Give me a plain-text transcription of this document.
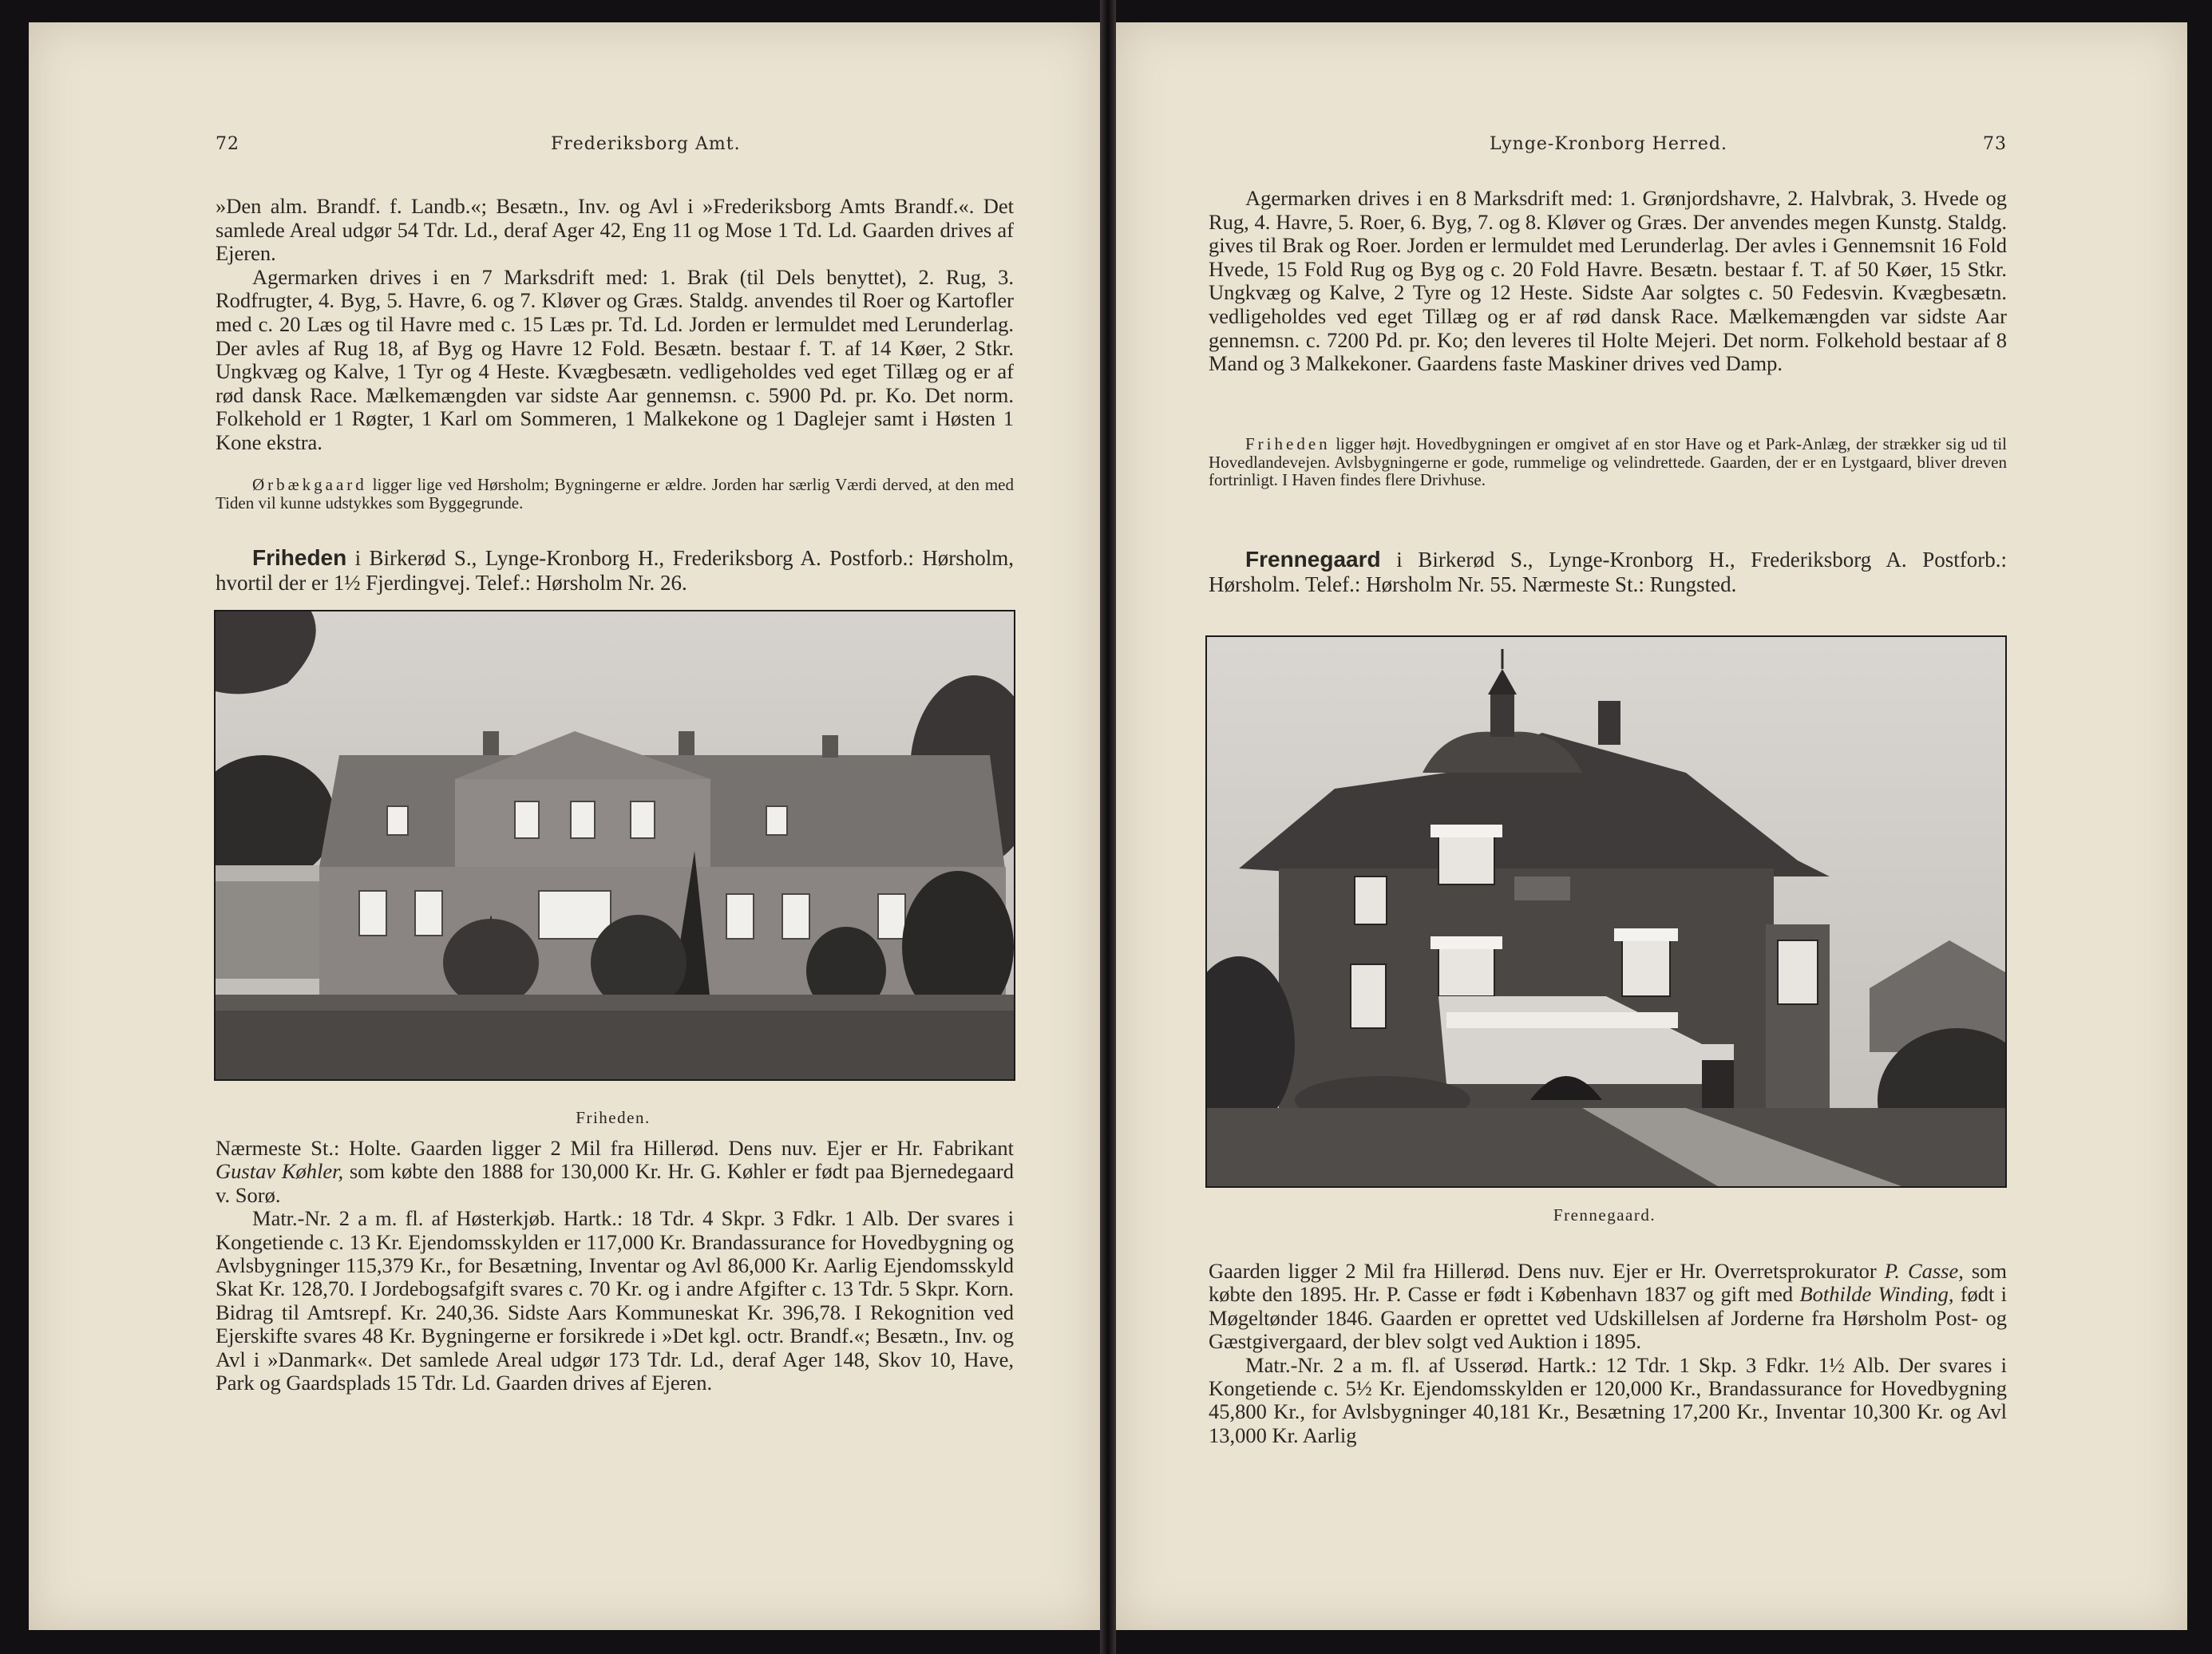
72	Frederiksborg Amt.

»Den alm. Brandf. f. Landb.«; Besætn., Inv. og Avl i »Frederiksborg Amts Brandf.«. Det samlede Areal udgør 54 Tdr. Ld., deraf Ager 42, Eng 11 og Mose 1 Td. Ld. Gaarden drives af Ejeren.

Agermarken drives i en 7 Marksdrift med: 1. Brak (til Dels benyttet), 2. Rug, 3. Rodfrugter, 4. Byg, 5. Havre, 6. og 7. Kløver og Græs. Staldg. anvendes til Roer og Kartofler med c. 20 Læs og til Havre med c. 15 Læs pr. Td. Ld. Jorden er lermuldet med Lerunderlag. Der avles af Rug 18, af Byg og Havre 12 Fold. Besætn. bestaar f. T. af 14 Køer, 2 Stkr. Ungkvæg og Kalve, 1 Tyr og 4 Heste. Kvægbesætn. vedligeholdes ved eget Tillæg og er af rød dansk Race. Mælkemængden var sidste Aar gennemsn. c. 5900 Pd. pr. Ko. Det norm. Folkehold er 1 Røgter, 1 Karl om Sommeren, 1 Malkekone og 1 Daglejer samt i Høsten 1 Kone ekstra.

Ørbækgaard ligger lige ved Hørsholm; Bygningerne er ældre. Jorden har særlig Værdi derved, at den med Tiden vil kunne udstykkes som Byggegrunde.

Friheden i Birkerød S., Lynge-Kronborg H., Frederiksborg A. Postforb.: Hørsholm, hvortil der er 1½ Fjerdingvej. Telef.: Hørsholm Nr. 26.

Friheden.

Nærmeste St.: Holte. Gaarden ligger 2 Mil fra Hillerød. Dens nuv. Ejer er Hr. Fabrikant Gustav Køhler, som købte den 1888 for 130,000 Kr. Hr. G. Køhler er født paa Bjernedegaard v. Sorø.

Matr.-Nr. 2 a m. fl. af Høsterkjøb. Hartk.: 18 Tdr. 4 Skpr. 3 Fdkr. 1 Alb. Der svares i Kongetiende c. 13 Kr. Ejendomsskylden er 117,000 Kr. Brandassurance for Hovedbygning og Avlsbygninger 115,379 Kr., for Besætning, Inventar og Avl 86,000 Kr. Aarlig Ejendomsskyld Skat Kr. 128,70. I Jordebogsafgift svares c. 70 Kr. og i andre Afgifter c. 13 Tdr. 5 Skpr. Korn. Bidrag til Amtsrepf. Kr. 240,36. Sidste Aars Kommuneskat Kr. 396,78. I Rekognition ved Ejerskifte svares 48 Kr. Bygningerne er forsikrede i »Det kgl. octr. Brandf.«; Besætn., Inv. og Avl i »Danmark«. Det samlede Areal udgør 173 Tdr. Ld., deraf Ager 148, Skov 10, Have, Park og Gaardsplads 15 Tdr. Ld. Gaarden drives af Ejeren.

Lynge-Kronborg Herred.	73

Agermarken drives i en 8 Marksdrift med: 1. Grønjordshavre, 2. Halvbrak, 3. Hvede og Rug, 4. Havre, 5. Roer, 6. Byg, 7. og 8. Kløver og Græs. Der anvendes megen Kunstg. Staldg. gives til Brak og Roer. Jorden er lermuldet med Lerunderlag. Der avles i Gennemsnit 16 Fold Hvede, 15 Fold Rug og Byg og c. 20 Fold Havre. Besætn. bestaar f. T. af 50 Køer, 15 Stkr. Ungkvæg og Kalve, 2 Tyre og 12 Heste. Sidste Aar solgtes c. 50 Fedesvin. Kvægbesætn. vedligeholdes ved eget Tillæg og er af rød dansk Race. Mælkemængden var sidste Aar gennemsn. c. 7200 Pd. pr. Ko; den leveres til Holte Mejeri. Det norm. Folkehold bestaar af 8 Mand og 3 Malkekoner. Gaardens faste Maskiner drives ved Damp.

Friheden ligger højt. Hovedbygningen er omgivet af en stor Have og et Park-Anlæg, der strækker sig ud til Hovedlandevejen. Avlsbygningerne er gode, rummelige og velindrettede. Gaarden, der er en Lystgaard, bliver dreven fortrinligt. I Haven findes flere Drivhuse.

Frennegaard i Birkerød S., Lynge-Kronborg H., Frederiksborg A. Postforb.: Hørsholm. Telef.: Hørsholm Nr. 55. Nærmeste St.: Rungsted.

Frennegaard.

Gaarden ligger 2 Mil fra Hillerød. Dens nuv. Ejer er Hr. Overretsprokurator P. Casse, som købte den 1895. Hr. P. Casse er født i København 1837 og gift med Bothilde Winding, født i Møgeltønder 1846. Gaarden er oprettet ved Udskillelsen af Jorderne fra Hørsholm Post- og Gæstgivergaard, der blev solgt ved Auktion i 1895.

Matr.-Nr. 2 a m. fl. af Usserød. Hartk.: 12 Tdr. 1 Skp. 3 Fdkr. 1½ Alb. Der svares i Kongetiende c. 5½ Kr. Ejendomsskylden er 120,000 Kr., Brandassurance for Hovedbygning 45,800 Kr., for Avlsbygninger 40,181 Kr., Besætning 17,200 Kr., Inventar 10,300 Kr. og Avl 13,000 Kr. Aarlig
